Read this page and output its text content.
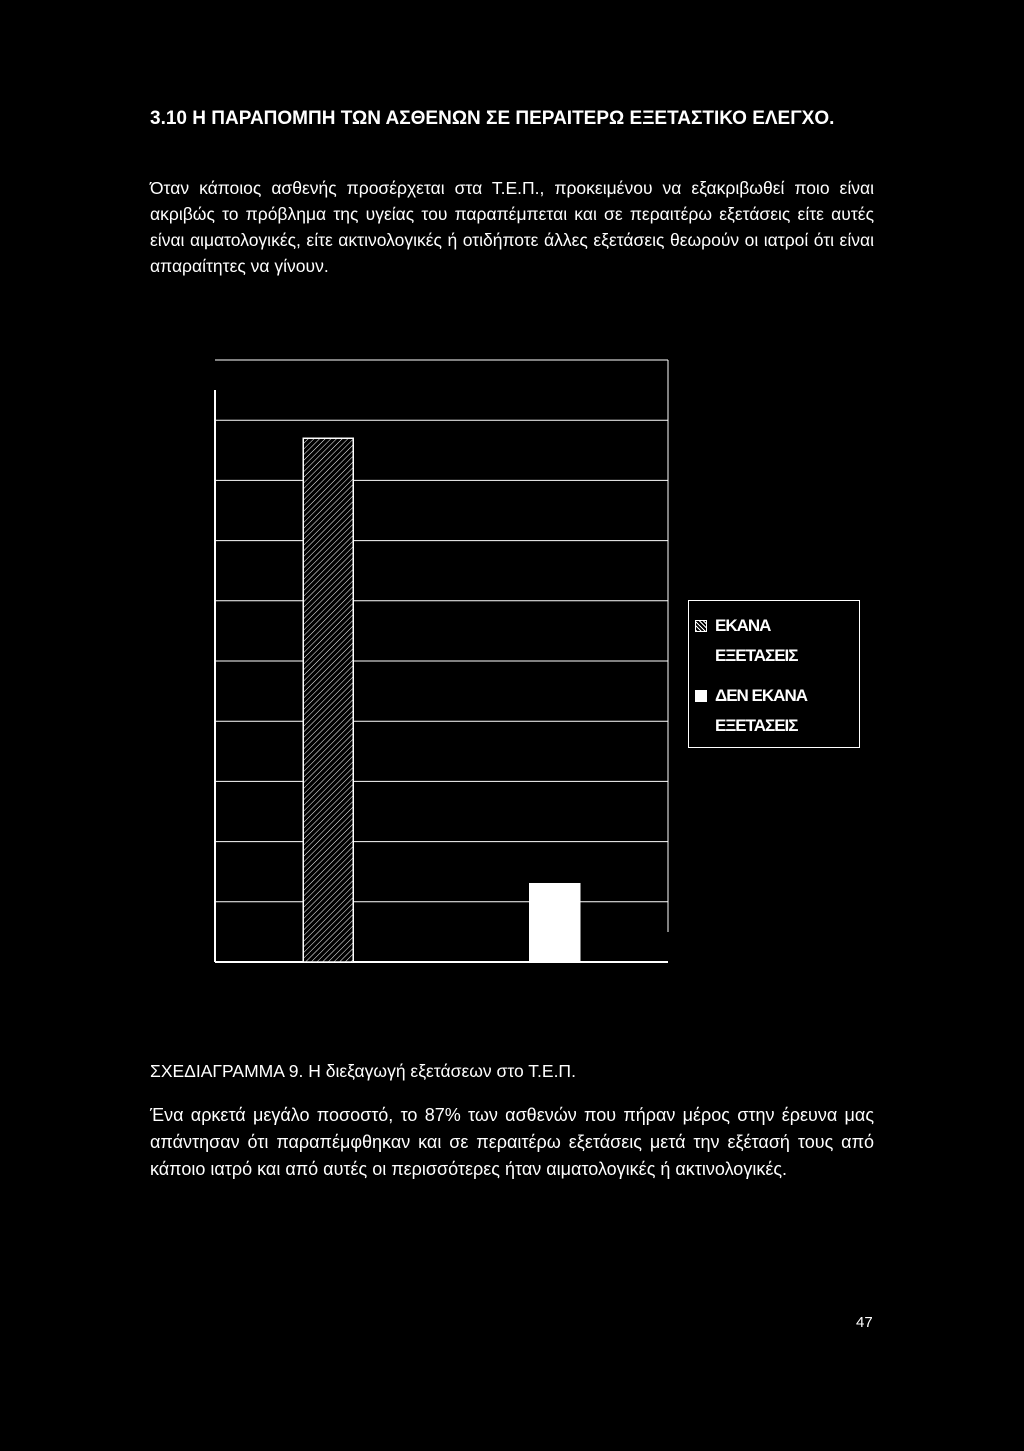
3.10 Η ΠΑΡΑΠΟΜΠΗ ΤΩΝ ΑΣΘΕΝΩΝ ΣΕ ΠΕΡΑΙΤΕΡΩ ΕΞΕΤΑΣΤΙΚΟ ΕΛΕΓΧΟ.

Όταν κάποιος ασθενής προσέρχεται στα Τ.Ε.Π., προκειμένου να εξακριβωθεί ποιο είναι ακριβώς το πρόβλημα της υγείας του παραπέμπεται και σε περαιτέρω εξετάσεις είτε αυτές είναι αιματολογικές, είτε ακτινολογικές ή οτιδήποτε άλλες εξετάσεις θεωρούν οι ιατροί ότι είναι απαραίτητες να γίνουν.

ΕΚΑΝΑ ΕΞΕΤΑΣΕΙΣ
ΔΕΝ ΕΚΑΝΑ ΕΞΕΤΑΣΕΙΣ

ΣΧΕΔΙΑΓΡΑΜΜΑ 9. Η διεξαγωγή εξετάσεων στο Τ.Ε.Π.

Ένα αρκετά μεγάλο ποσοστό, το 87% των ασθενών που πήραν μέρος στην έρευνα μας απάντησαν ότι παραπέμφθηκαν και σε περαιτέρω εξετάσεις μετά την εξέτασή τους από κάποιο ιατρό και από αυτές οι περισσότερες ήταν αιματολογικές ή ακτινολογικές.

47
